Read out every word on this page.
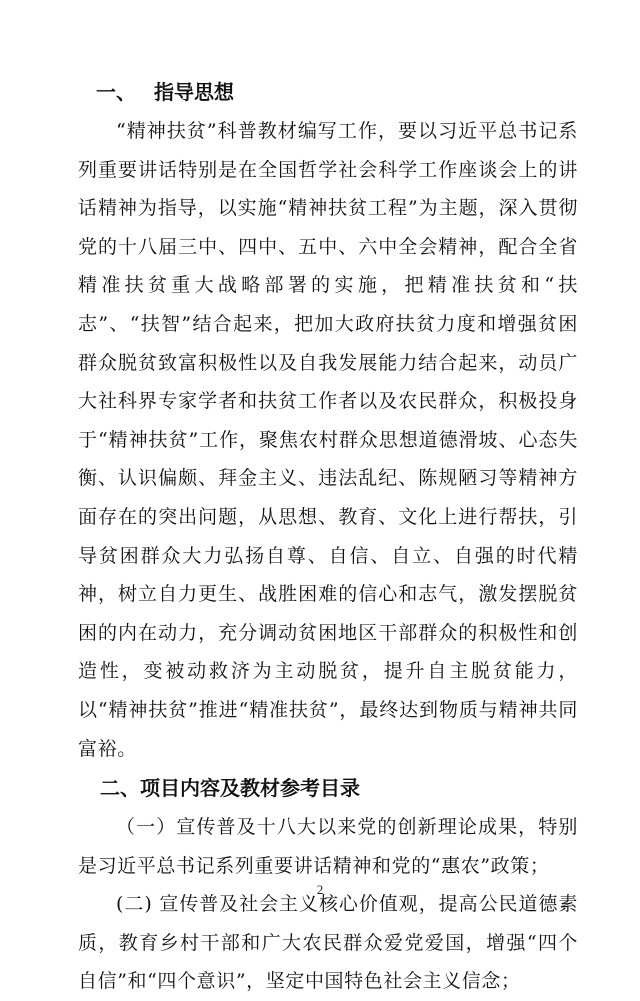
一、 指导思想

“精神扶贫”科普教材编写工作，要以习近平总书记系列重要讲话特别是在全国哲学社会科学工作座谈会上的讲话精神为指导，以实施“精神扶贫工程”为主题，深入贯彻党的十八届三中、四中、五中、六中全会精神，配合全省精准扶贫重大战略部署的实施，把精准扶贫和“扶志”、“扶智”结合起来，把加大政府扶贫力度和增强贫困群众脱贫致富积极性以及自我发展能力结合起来，动员广大社科界专家学者和扶贫工作者以及农民群众，积极投身于“精神扶贫”工作，聚焦农村群众思想道德滑坡、心态失衡、认识偏颇、拜金主义、违法乱纪、陈规陋习等精神方面存在的突出问题，从思想、教育、文化上进行帮扶，引导贫困群众大力弘扬自尊、自信、自立、自强的时代精神，树立自力更生、战胜困难的信心和志气，激发摆脱贫困的内在动力，充分调动贫困地区干部群众的积极性和创造性，变被动救济为主动脱贫，提升自主脱贫能力，以“精神扶贫”推进“精准扶贫”，最终达到物质与精神共同富裕。

二、项目内容及教材参考目录

（一）宣传普及十八大以来党的创新理论成果，特别是习近平总书记系列重要讲话精神和党的“惠农”政策；

(二) 宣传普及社会主义核心价值观，提高公民道德素质，教育乡村干部和广大农民群众爱党爱国，增强“四个自信”和“四个意识”，坚定中国特色社会主义信念；

2
